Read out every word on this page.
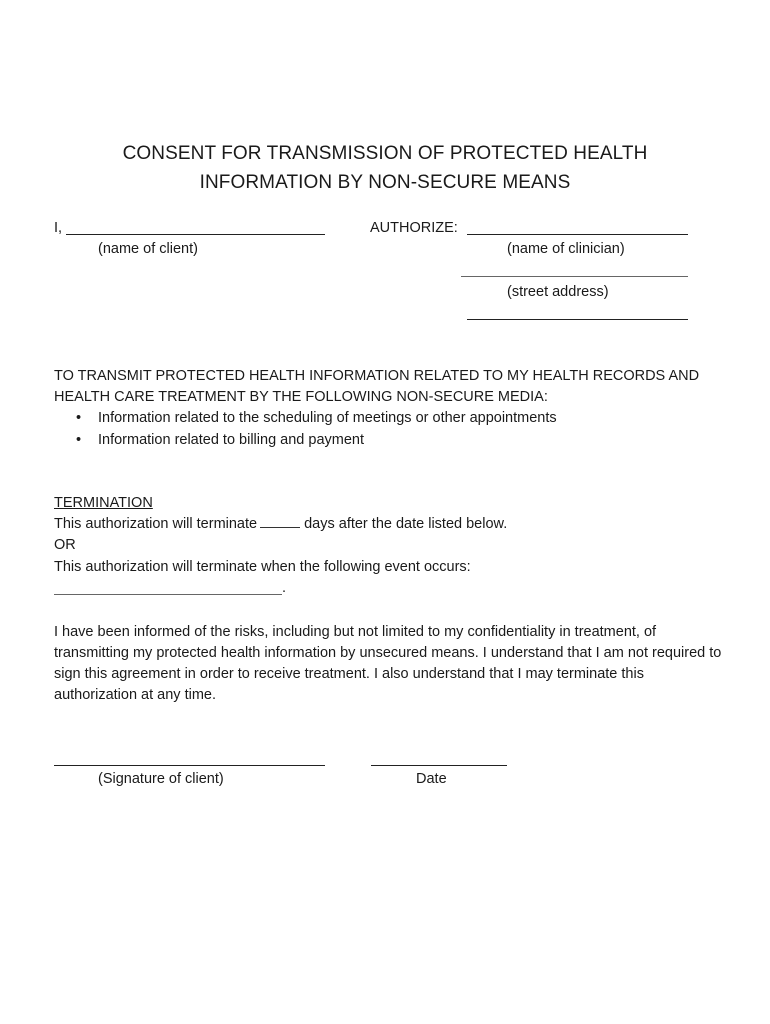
CONSENT FOR TRANSMISSION OF PROTECTED HEALTH
INFORMATION BY NON-SECURE MEANS
I,
(name of client)
AUTHORIZE:
(name of clinician)
(street address)
TO TRANSMIT PROTECTED HEALTH INFORMATION RELATED TO MY HEALTH RECORDS AND
HEALTH CARE TREATMENT BY THE FOLLOWING NON-SECURE MEDIA:
• Information related to the scheduling of meetings or other appointments
• Information related to billing and payment
TERMINATION
This authorization will terminate	days after the date listed below.
OR
This authorization will terminate when the following event occurs:
.
I have been informed of the risks, including but not limited to my confidentiality in treatment, of transmitting my protected health information by unsecured means. I understand that I am not required to sign this agreement in order to receive treatment. I also understand that I may terminate this authorization at any time.
(Signature of client)	Date
